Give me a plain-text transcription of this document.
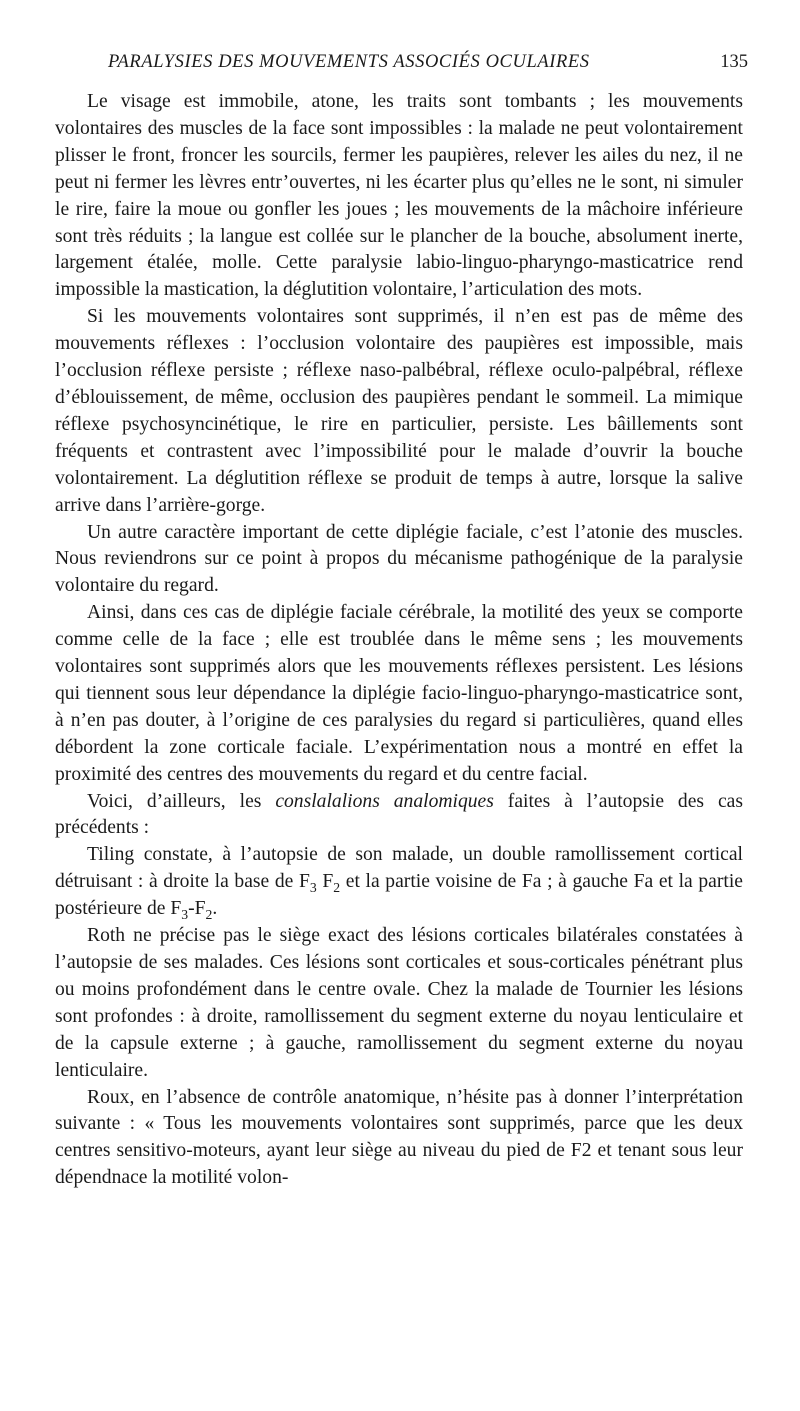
PARALYSIES DES MOUVEMENTS ASSOCIÉS OCULAIRES	135

Le visage est immobile, atone, les traits sont tombants ; les mouvements volontaires des muscles de la face sont impossibles : la malade ne peut volontairement plisser le front, froncer les sourcils, fermer les paupières, relever les ailes du nez, il ne peut ni fermer les lèvres entr’ouvertes, ni les écarter plus qu’elles ne le sont, ni simuler le rire, faire la moue ou gonfler les joues ; les mouvements de la mâchoire inférieure sont très réduits ; la langue est collée sur le plancher de la bouche, absolument inerte, largement étalée, molle. Cette paralysie labio-linguo-pharyngo-masticatrice rend impossible la mastication, la déglutition volontaire, l’articulation des mots.

Si les mouvements volontaires sont supprimés, il n’en est pas de même des mouvements réflexes : l’occlusion volontaire des paupières est impossible, mais l’occlusion réflexe persiste ; réflexe naso-palbébral, réflexe oculo-palpébral, réflexe d’éblouissement, de même, occlusion des paupières pendant le sommeil. La mimique réflexe psychosyncinétique, le rire en particulier, persiste. Les bâillements sont fréquents et contrastent avec l’impossibilité pour le malade d’ouvrir la bouche volontairement. La déglutition réflexe se produit de temps à autre, lorsque la salive arrive dans l’arrière-gorge.

Un autre caractère important de cette diplégie faciale, c’est l’atonie des muscles. Nous reviendrons sur ce point à propos du mécanisme pathogénique de la paralysie volontaire du regard.

Ainsi, dans ces cas de diplégie faciale cérébrale, la motilité des yeux se comporte comme celle de la face ; elle est troublée dans le même sens ; les mouvements volontaires sont supprimés alors que les mouvements réflexes persistent. Les lésions qui tiennent sous leur dépendance la diplégie facio-linguo-pharyngo-masticatrice sont, à n’en pas douter, à l’origine de ces paralysies du regard si particulières, quand elles débordent la zone corticale faciale. L’expérimentation nous a montré en effet la proximité des centres des mouvements du regard et du centre facial.

Voici, d’ailleurs, les conslalalions analomiques faites à l’autopsie des cas précédents :

Tiling constate, à l’autopsie de son malade, un double ramollissement cortical détruisant : à droite la base de $F_3$ $F_2$ et la partie voisine de Fa ; à gauche Fa et la partie postérieure de $F_3-F_2$.

Roth ne précise pas le siège exact des lésions corticales bilatérales constatées à l’autopsie de ses malades. Ces lésions sont corticales et sous-corticales pénétrant plus ou moins profondément dans le centre ovale. Chez la malade de Tournier les lésions sont profondes : à droite, ramollissement du segment externe du noyau lenticulaire et de la capsule externe ; à gauche, ramollissement du segment externe du noyau lenticulaire.

Roux, en l’absence de contrôle anatomique, n’hésite pas à donner l’interprétation suivante : « Tous les mouvements volontaires sont supprimés, parce que les deux centres sensitivo-moteurs, ayant leur siège au niveau du pied de F2 et tenant sous leur dépendnace la motilité volon-
